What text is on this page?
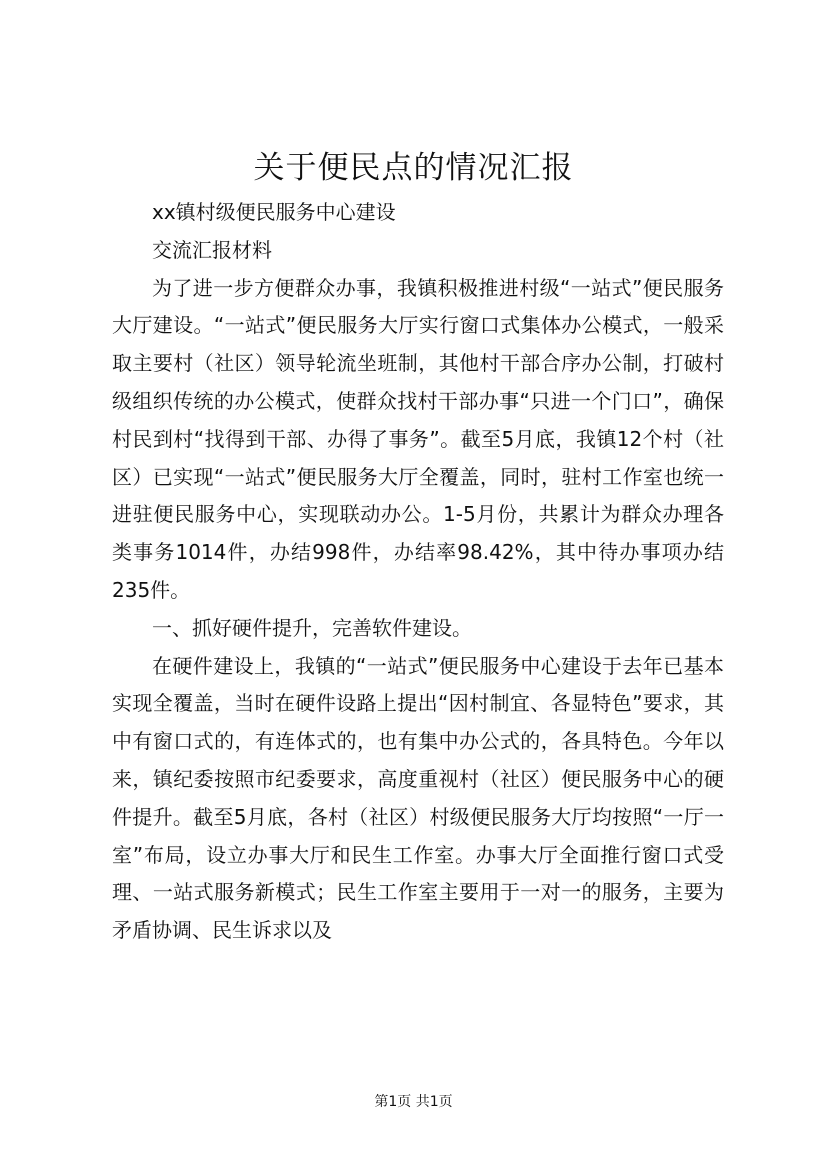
关于便民点的情况汇报

xx镇村级便民服务中心建设

交流汇报材料

为了进一步方便群众办事，我镇积极推进村级“一站式”便民服务大厅建设。“一站式”便民服务大厅实行窗口式集体办公模式，一般采取主要村（社区）领导轮流坐班制，其他村干部合序办公制，打破村级组织传统的办公模式，使群众找村干部办事“只进一个门口”，确保村民到村“找得到干部、办得了事务”。截至5月底，我镇12个村（社区）已实现“一站式”便民服务大厅全覆盖，同时，驻村工作室也统一进驻便民服务中心，实现联动办公。1-5月份，共累计为群众办理各类事务1014件，办结998件，办结率98.42%，其中待办事项办结235件。

一、抓好硬件提升，完善软件建设。

在硬件建设上，我镇的“一站式”便民服务中心建设于去年已基本实现全覆盖，当时在硬件设路上提出“因村制宜、各显特色”要求，其中有窗口式的，有连体式的，也有集中办公式的，各具特色。今年以来，镇纪委按照市纪委要求，高度重视村（社区）便民服务中心的硬件提升。截至5月底，各村（社区）村级便民服务大厅均按照“一厅一室”布局，设立办事大厅和民生工作室。办事大厅全面推行窗口式受理、一站式服务新模式；民生工作室主要用于一对一的服务，主要为矛盾协调、民生诉求以及

第1页 共1页
